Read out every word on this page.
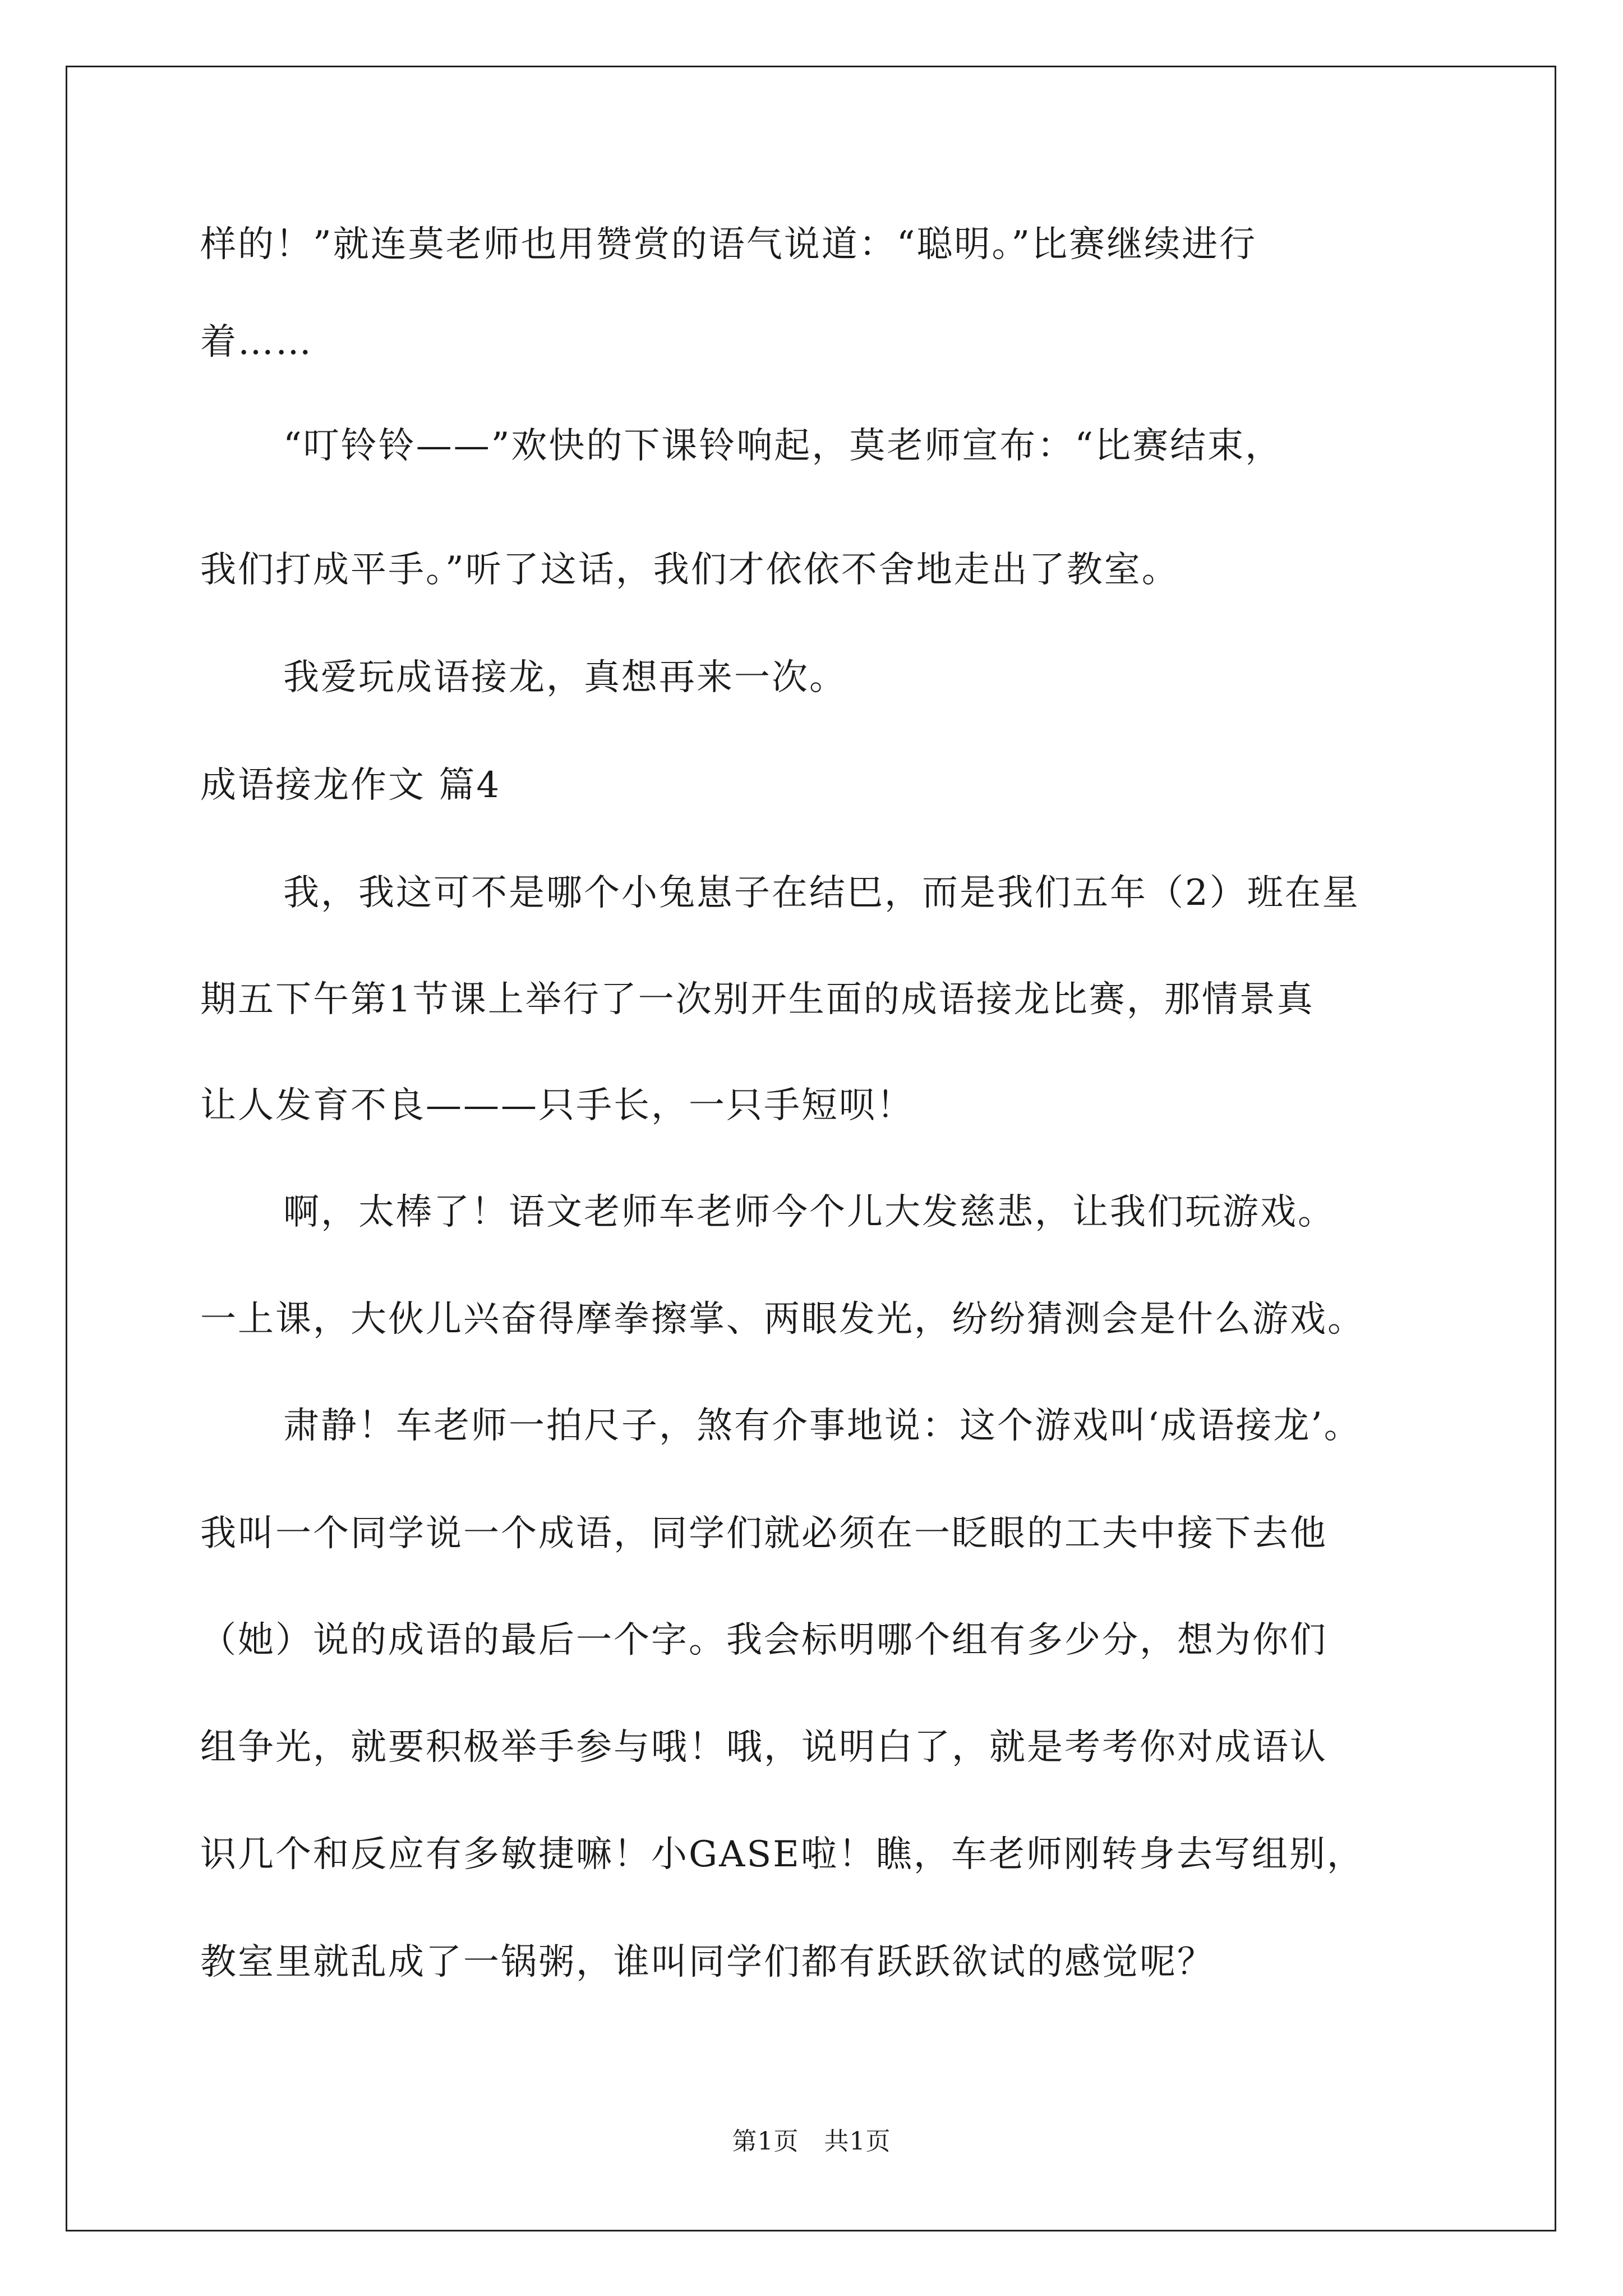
样的！”就连莫老师也用赞赏的语气说道：“聪明。”比赛继续进行

着……

“叮铃铃——”欢快的下课铃响起，莫老师宣布：“比赛结束，

我们打成平手。”听了这话，我们才依依不舍地走出了教室。

我爱玩成语接龙，真想再来一次。

成语接龙作文 篇4

我，我这可不是哪个小兔崽子在结巴，而是我们五年（2）班在星

期五下午第1节课上举行了一次别开生面的成语接龙比赛，那情景真

让人发育不良———只手长，一只手短呗！

啊，太棒了！语文老师车老师今个儿大发慈悲，让我们玩游戏。

一上课，大伙儿兴奋得摩拳擦掌、两眼发光，纷纷猜测会是什么游戏。

肃静！车老师一拍尺子，煞有介事地说：这个游戏叫‘成语接龙’。

我叫一个同学说一个成语，同学们就必须在一眨眼的工夫中接下去他

（她）说的成语的最后一个字。我会标明哪个组有多少分，想为你们

组争光，就要积极举手参与哦！哦，说明白了，就是考考你对成语认

识几个和反应有多敏捷嘛！小GASE啦！瞧，车老师刚转身去写组别，

教室里就乱成了一锅粥，谁叫同学们都有跃跃欲试的感觉呢？

第1页　共1页
